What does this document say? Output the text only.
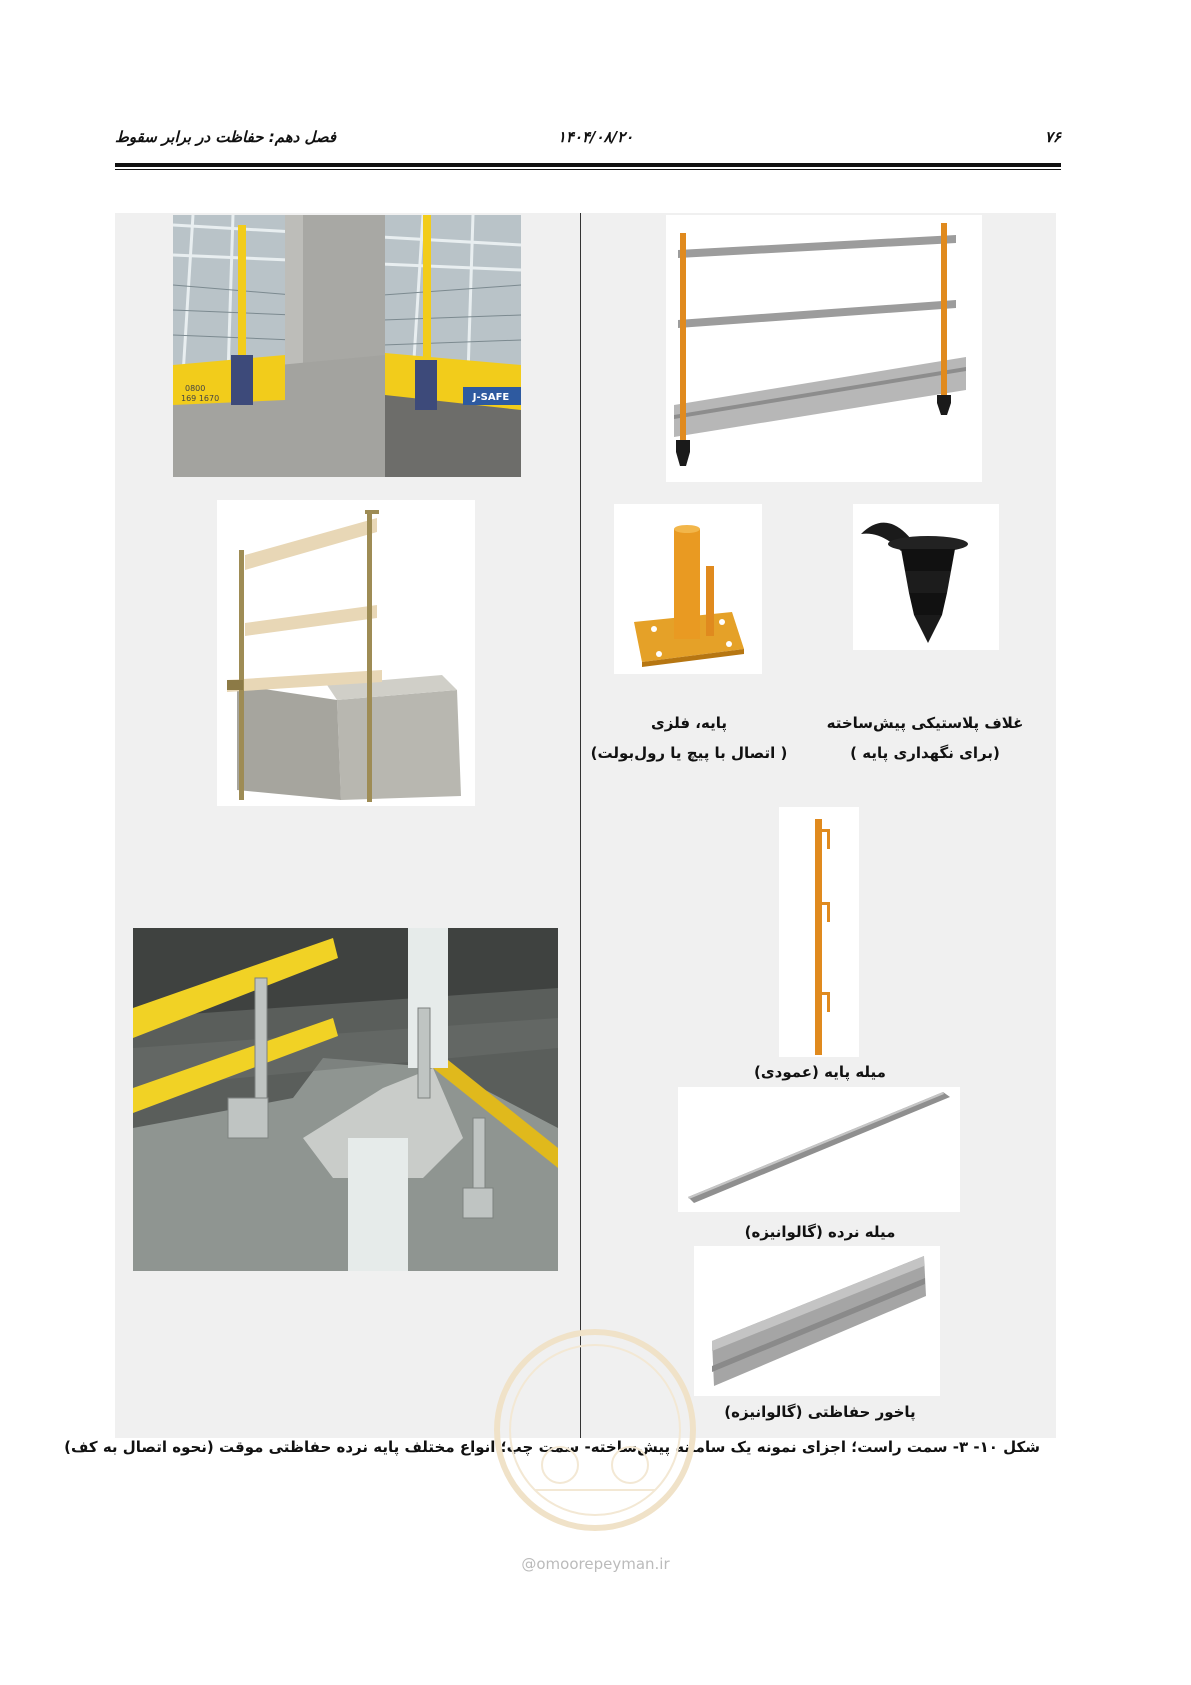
۷۶
۱۴۰۴/۰۸/۲۰
فصل دهم: حفاظت در برابر سقوط
J-SAFE
0800
169 1670
پایه، فلزی
( اتصال با پیچ یا رول‌بولت)
غلاف پلاستیکی پیش‌ساخته
(برای نگهداری پایه )
میله پایه (عمودی)
میله نرده (گالوانیزه)
پاخور حفاظتی (گالوانیزه)
شکل ۱۰- ۳- سمت راست؛ اجزای نمونه یک سامانه پیش‌ساخته- سمت چپ؛ انواع مختلف پایه نرده حفاظتی موقت (نحوه اتصال به کف)
@omoorepeyman.ir
